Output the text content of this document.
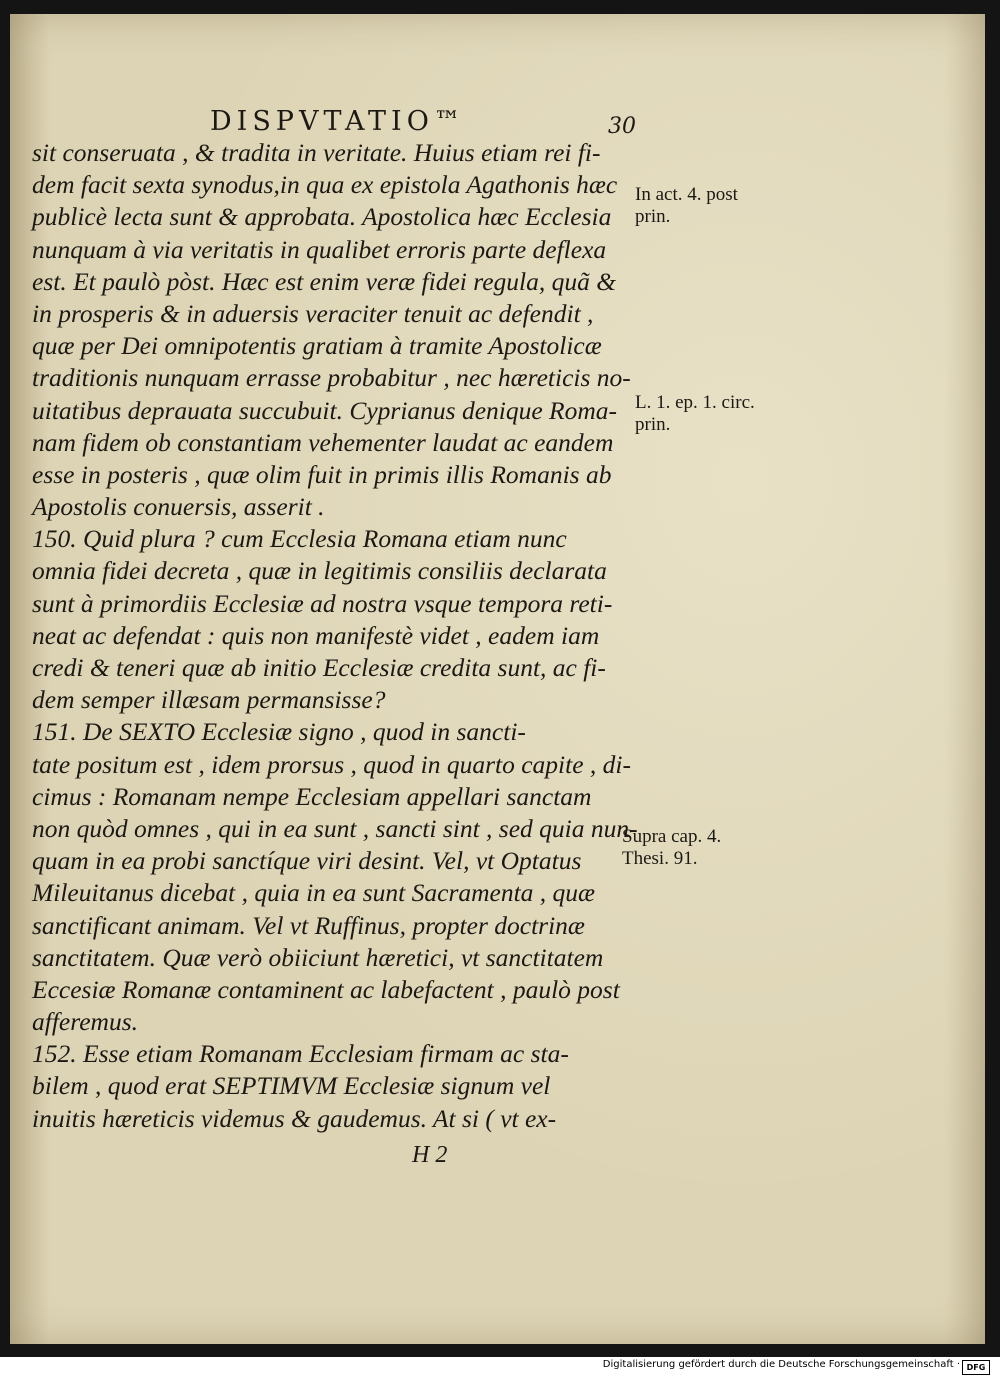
DISPVTATIO™	30
sit conseruata , & tradita in veritate. Huius etiam rei fi-
dem facit sexta synodus,in qua ex epistola Agathonis hæc
publicè lecta sunt & approbata. Apostolica hæc Ecclesia
nunquam à via veritatis in qualibet erroris parte deflexa
est. Et paulò pòst. Hæc est enim veræ fidei regula, quã &
in prosperis & in aduersis veraciter tenuit ac defendit ,
quæ per Dei omnipotentis gratiam à tramite Apostolicæ
traditionis nunquam errasse probabitur , nec hæreticis no-
uitatibus deprauata succubuit. Cyprianus denique Roma-
nam fidem ob constantiam vehementer laudat ac eandem
esse in posteris , quæ olim fuit in primis illis Romanis ab
Apostolis conuersis, asserit .
150. Quid plura ? cum Ecclesia Romana etiam nunc
omnia fidei decreta , quæ in legitimis consiliis declarata
sunt à primordiis Ecclesiæ ad nostra vsque tempora reti-
neat ac defendat : quis non manifestè videt , eadem iam
credi & teneri quæ ab initio Ecclesiæ credita sunt, ac fi-
dem semper illæsam permansisse?
151. De SEXTO Ecclesiæ signo , quod in sancti-
tate positum est , idem prorsus , quod in quarto capite , di-
cimus : Romanam nempe Ecclesiam appellari sanctam
non quòd omnes , qui in ea sunt , sancti sint , sed quia nun-
quam in ea probi sanctíque viri desint. Vel, vt Optatus
Mileuitanus dicebat , quia in ea sunt Sacramenta , quæ
sanctificant animam. Vel vt Ruffinus, propter doctrinæ
sanctitatem. Quæ verò obiiciunt hæretici, vt sanctitatem
Eccesiæ Romanæ contaminent ac labefactent , paulò post
afferemus.
152. Esse etiam Romanam Ecclesiam firmam ac sta-
bilem , quod erat SEPTIMVM Ecclesiæ signum vel
inuitis hæreticis videmus & gaudemus. At si ( vt ex-
In act. 4. post
prin.
L. 1. ep. 1. circ.
prin.
Supra cap. 4.
Thesi. 91.
H 2
Digitalisierung gefördert durch die Deutsche Forschungsgemeinschaft · DFG
